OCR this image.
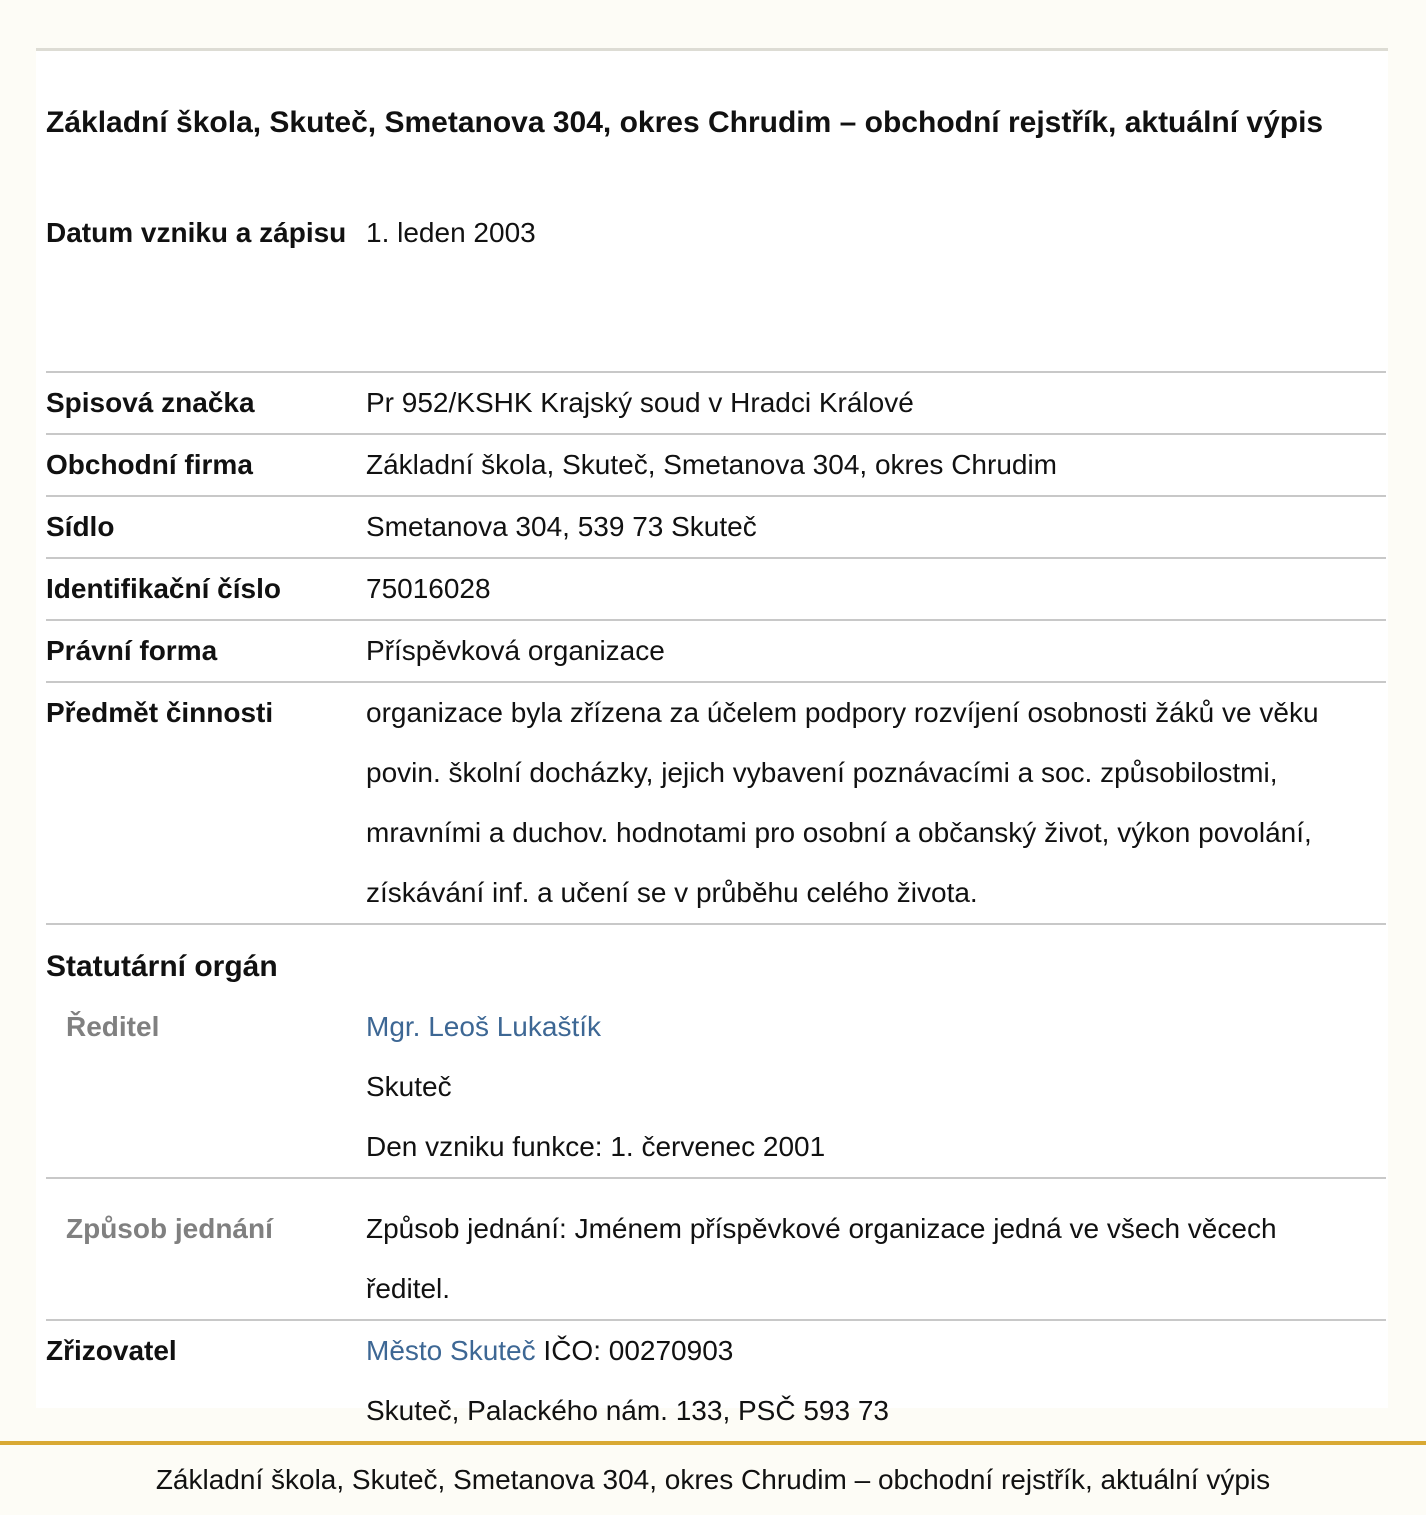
Základní škola, Skuteč, Smetanova 304, okres Chrudim – obchodní rejstřík, aktuální výpis
Datum vzniku a zápisu 1. leden 2003
Spisová značka	Pr 952/KSHK Krajský soud v Hradci Králové
Obchodní firma	Základní škola, Skuteč, Smetanova 304, okres Chrudim
Sídlo	Smetanova 304, 539 73 Skuteč
Identifikační číslo	75016028
Právní forma	Příspěvková organizace
Předmět činnosti	organizace byla zřízena za účelem podpory rozvíjení osobnosti žáků ve věku povin. školní docházky, jejich vybavení poznávacími a soc. způsobilostmi, mravními a duchov. hodnotami pro osobní a občanský život, výkon povolání, získávání inf. a učení se v průběhu celého života.
Statutární orgán
Ředitel	Mgr. Leoš Lukaštík
Skuteč
Den vzniku funkce: 1. červenec 2001
Způsob jednání	Způsob jednání: Jménem příspěvkové organizace jedná ve všech věcech ředitel.
Zřizovatel	Město Skuteč IČO: 00270903
Skuteč, Palackého nám. 133, PSČ 593 73
Základní škola, Skuteč, Smetanova 304, okres Chrudim – obchodní rejstřík, aktuální výpis
